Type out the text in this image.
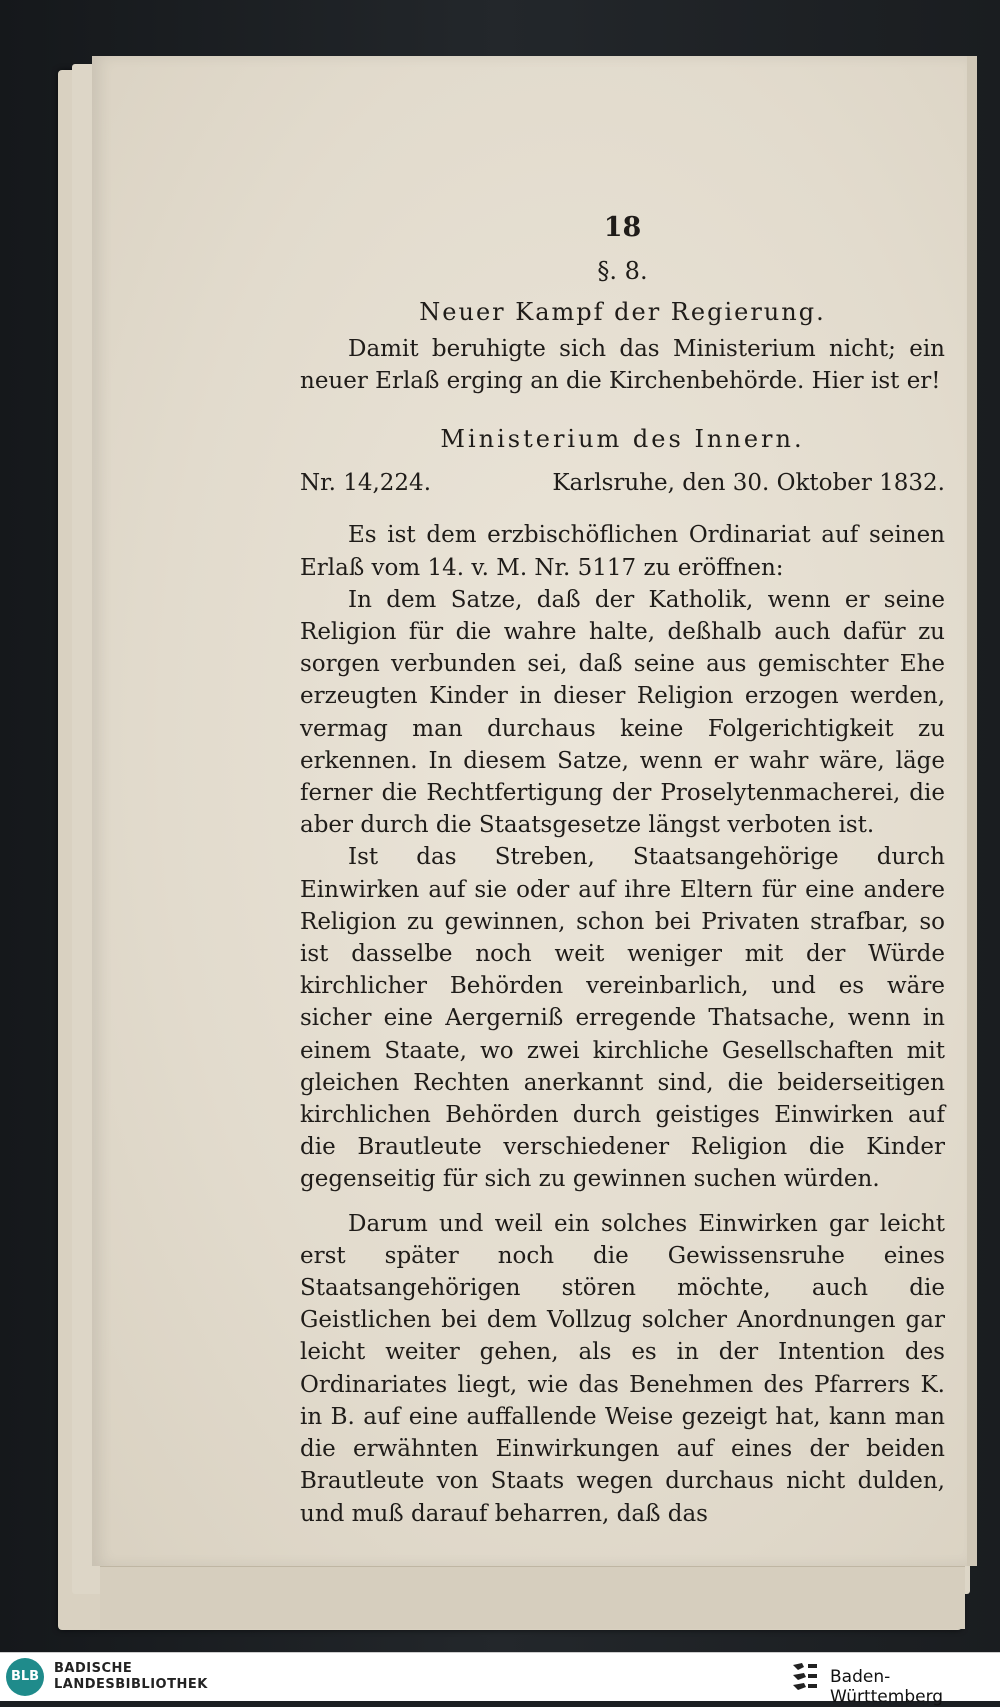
18
§. 8.
Neuer Kampf der Regierung.

Damit beruhigte sich das Ministerium nicht; ein neuer Erlaß erging an die Kirchenbehörde. Hier ist er!

Ministerium des Innern.
Nr. 14,224.	Karlsruhe, den 30. Oktober 1832.

Es ist dem erzbischöflichen Ordinariat auf seinen Erlaß vom 14. v. M. Nr. 5117 zu eröffnen:

In dem Satze, daß der Katholik, wenn er seine Religion für die wahre halte, deßhalb auch dafür zu sorgen verbunden sei, daß seine aus gemischter Ehe erzeugten Kinder in dieser Religion erzogen werden, vermag man durchaus keine Folgerichtigkeit zu erkennen. In diesem Satze, wenn er wahr wäre, läge ferner die Rechtfertigung der Proselytenmacherei, die aber durch die Staatsgesetze längst verboten ist.

Ist das Streben, Staatsangehörige durch Einwirken auf sie oder auf ihre Eltern für eine andere Religion zu gewinnen, schon bei Privaten strafbar, so ist dasselbe noch weit weniger mit der Würde kirchlicher Behörden vereinbarlich, und es wäre sicher eine Aergerniß erregende Thatsache, wenn in einem Staate, wo zwei kirchliche Gesellschaften mit gleichen Rechten anerkannt sind, die beiderseitigen kirchlichen Behörden durch geistiges Einwirken auf die Brautleute verschiedener Religion die Kinder gegenseitig für sich zu gewinnen suchen würden.

Darum und weil ein solches Einwirken gar leicht erst später noch die Gewissensruhe eines Staatsangehörigen stören möchte, auch die Geistlichen bei dem Vollzug solcher Anordnungen gar leicht weiter gehen, als es in der Intention des Ordinariates liegt, wie das Benehmen des Pfarrers K. in B. auf eine auffallende Weise gezeigt hat, kann man die erwähnten Einwirkungen auf eines der beiden Brautleute von Staats wegen durchaus nicht dulden, und muß darauf beharren, daß das

BLB
BADISCHE
LANDESBIBLIOTHEK	Baden-Württemberg
